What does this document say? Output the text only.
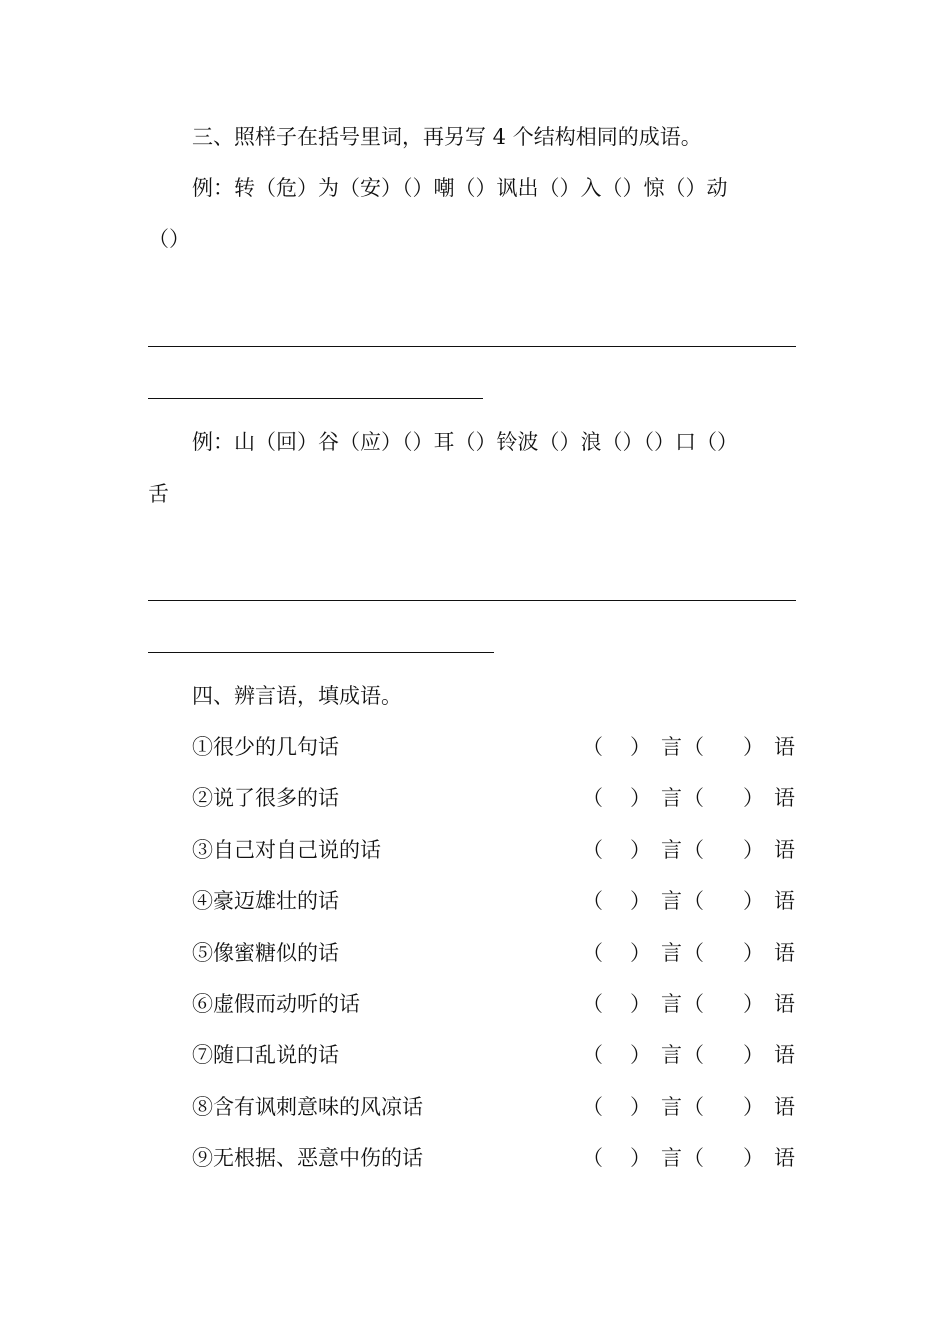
三、照样子在括号里词，再另写 4 个结构相同的成语。
例：转（危）为（安）（）嘲（）讽出（）入（）惊（）动
（）
例：山（回）谷（应）（）耳（）铃波（）浪（）（）口（）
舌
四、辨言语，填成语。
①很少的几句话	（ ） 言 （ ） 语
②说了很多的话	（ ） 言 （ ） 语
③自己对自己说的话	（ ） 言 （ ） 语
④豪迈雄壮的话	（ ） 言 （ ） 语
⑤像蜜糖似的话	（ ） 言 （ ） 语
⑥虚假而动听的话	（ ） 言 （ ） 语
⑦随口乱说的话	（ ） 言 （ ） 语
⑧含有讽刺意味的风凉话	（ ） 言 （ ） 语
⑨无根据、恶意中伤的话	（ ） 言 （ ） 语
